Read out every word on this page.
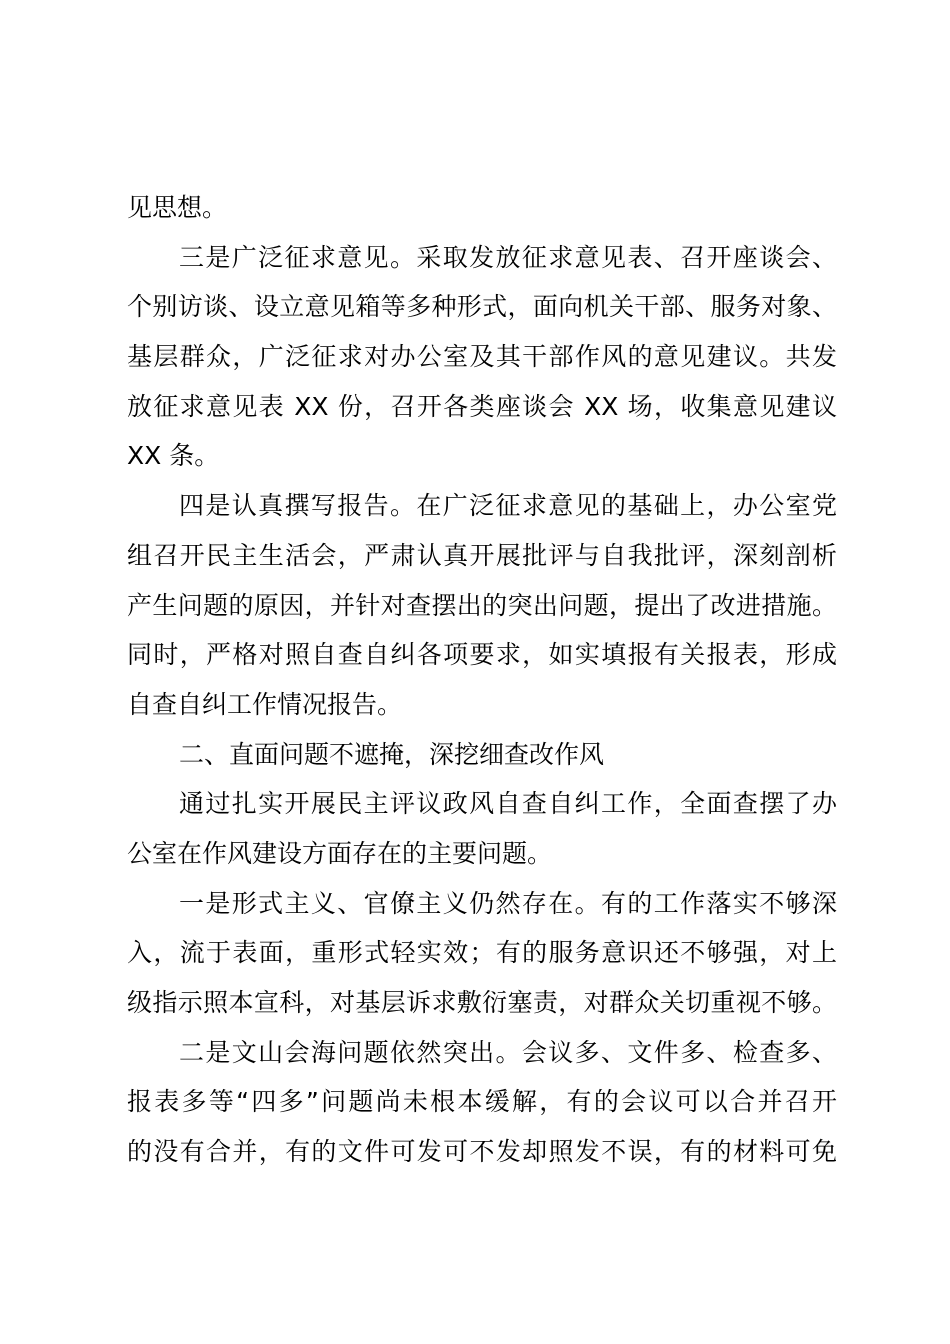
见思想。
三是广泛征求意见。采取发放征求意见表、召开座谈会、
个别访谈、设立意见箱等多种形式，面向机关干部、服务对象、
基层群众，广泛征求对办公室及其干部作风的意见建议。共发
放征求意见表 XX 份，召开各类座谈会 XX 场，收集意见建议
XX 条。
四是认真撰写报告。在广泛征求意见的基础上，办公室党
组召开民主生活会，严肃认真开展批评与自我批评，深刻剖析
产生问题的原因，并针对查摆出的突出问题，提出了改进措施。
同时，严格对照自查自纠各项要求，如实填报有关报表，形成
自查自纠工作情况报告。
二、直面问题不遮掩，深挖细查改作风
通过扎实开展民主评议政风自查自纠工作，全面查摆了办
公室在作风建设方面存在的主要问题。
一是形式主义、官僚主义仍然存在。有的工作落实不够深
入，流于表面，重形式轻实效；有的服务意识还不够强，对上
级指示照本宣科，对基层诉求敷衍塞责，对群众关切重视不够。
二是文山会海问题依然突出。会议多、文件多、检查多、
报表多等“四多”问题尚未根本缓解，有的会议可以合并召开
的没有合并，有的文件可发可不发却照发不误，有的材料可免
